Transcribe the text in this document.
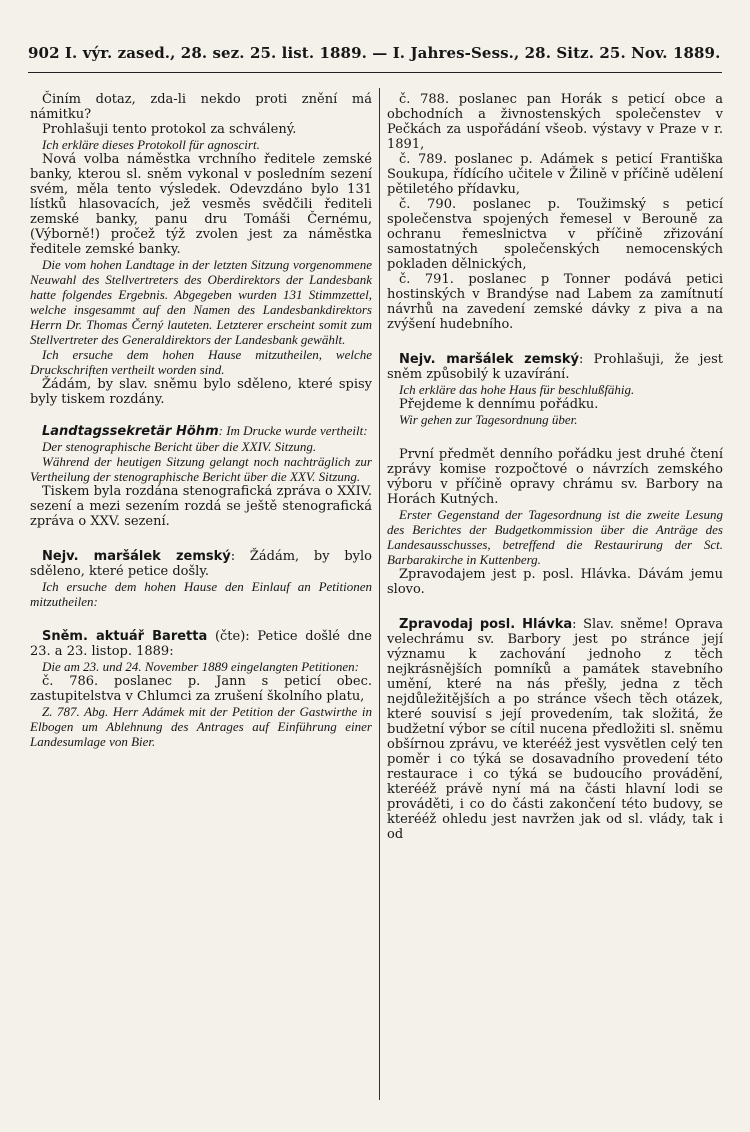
902 I. výr. zased., 28. sez. 25. list. 1889. — I. Jahres-Sess., 28. Sitz. 25. Nov. 1889.

Činím dotaz, zda-li nekdo proti znění má námitku?

Prohlašuji tento protokol za schválený.

Ich erkläre dieses Protokoll für agnoscirt.

Nová volba náměstka vrchního ředitele zemské banky, kterou sl. sněm vykonal v posledním sezení svém, měla tento výsledek. Odevzdáno bylo 131 lístků hlasovacích, jež vesměs svědčili řediteli zemské banky, panu dru Tomáši Černému, (Výborně!) pročež týž zvolen jest za náměstka ředitele zemské banky.

Die vom hohen Landtage in der letzten Sitzung vorgenommene Neuwahl des Stellvertreters des Oberdirektors der Landesbank hatte folgendes Ergebnis. Abgegeben wurden 131 Stimmzettel, welche insgesammt auf den Namen des Landesbankdirektors Herrn Dr. Thomas Černý lauteten. Letzterer erscheint somit zum Stellvertreter des Generaldirektors der Landesbank gewählt.

Ich ersuche dem hohen Hause mitzutheilen, welche Druckschriften vertheilt worden sind.

Žádám, by slav. sněmu bylo sděleno, které spisy byly tiskem rozdány.

Landtagssekretär Höhm: Im Drucke wurde vertheilt:

Der stenographische Bericht über die XXIV. Sitzung.

Während der heutigen Sitzung gelangt noch nachträglich zur Vertheilung der stenographische Bericht über die XXV. Sitzung.

Tiskem byla rozdána stenografická zpráva o XXIV. sezení a mezi sezením rozdá se ještě stenografická zpráva o XXV. sezení.

Nejv. maršálek zemský: Žádám, by bylo sděleno, které petice došly.

Ich ersuche dem hohen Hause den Einlauf an Petitionen mitzutheilen:

Sněm. aktuář Baretta (čte): Petice došlé dne 23. a 23. listop. 1889:

Die am 23. und 24. November 1889 eingelangten Petitionen:

č. 786. poslanec p. Jann s peticí obec. zastupitelstva v Chlumci za zrušení školního platu,

Z. 787. Abg. Herr Adámek mit der Petition der Gastwirthe in Elbogen um Ablehnung des Antrages auf Einführung einer Landesumlage von Bier.

č. 788. poslanec pan Horák s peticí obce a obchodních a živnostenských společenstev v Pečkách za uspořádání všeob. výstavy v Praze v r. 1891,

č. 789. poslanec p. Adámek s peticí Františka Soukupa, řídícího učitele v Žilině v příčině udělení pětiletého přídavku,

č. 790. poslanec p. Toužimský s peticí společenstva spojených řemesel v Berouně za ochranu řemeslnictva v příčině zřizování samostatných společenských nemocenských pokladen dělnických,

č. 791. poslanec p Tonner podává petici hostinských v Brandýse nad Labem za zamítnutí návrhů na zavedení zemské dávky z piva a na zvýšení hudebního.

Nejv. maršálek zemský: Prohlašuji, že jest sněm způsobilý k uzavírání.

Ich erkläre das hohe Haus für beschlußfähig.

Přejdeme k dennímu pořádku.

Wir gehen zur Tagesordnung über.

První předmět denního pořádku jest druhé čtení zprávy komise rozpočtové o návrzích zemského výboru v příčině opravy chrámu sv. Barbory na Horách Kutných.

Erster Gegenstand der Tagesordnung ist die zweite Lesung des Berichtes der Budgetkommission über die Anträge des Landesausschusses, betreffend die Restaurirung der Sct. Barbarakirche in Kuttenberg.

Zpravodajem jest p. posl. Hlávka. Dávám jemu slovo.

Zpravodaj posl. Hlávka: Slav. sněme! Oprava velechrámu sv. Barbory jest po stránce její významu k zachování jednoho z těch nejkrásnějších pomníků a památek stavebního umění, které na nás přešly, jedna z těch nejdůležitějších a po stránce všech těch otázek, které souvisí s její provedením, tak složitá, že budžetní výbor se cítil nucena předložiti sl. sněmu obšírnou zprávu, ve kterééž jest vysvětlen celý ten poměr i co týká se dosavadního provedení této restaurace i co týká se budoucího provádění, kterééž právě nyní má na části hlavní lodi se prováděti, i co do části zakončení této budovy, se kterééž ohledu jest navržen jak od sl. vlády, tak i od
